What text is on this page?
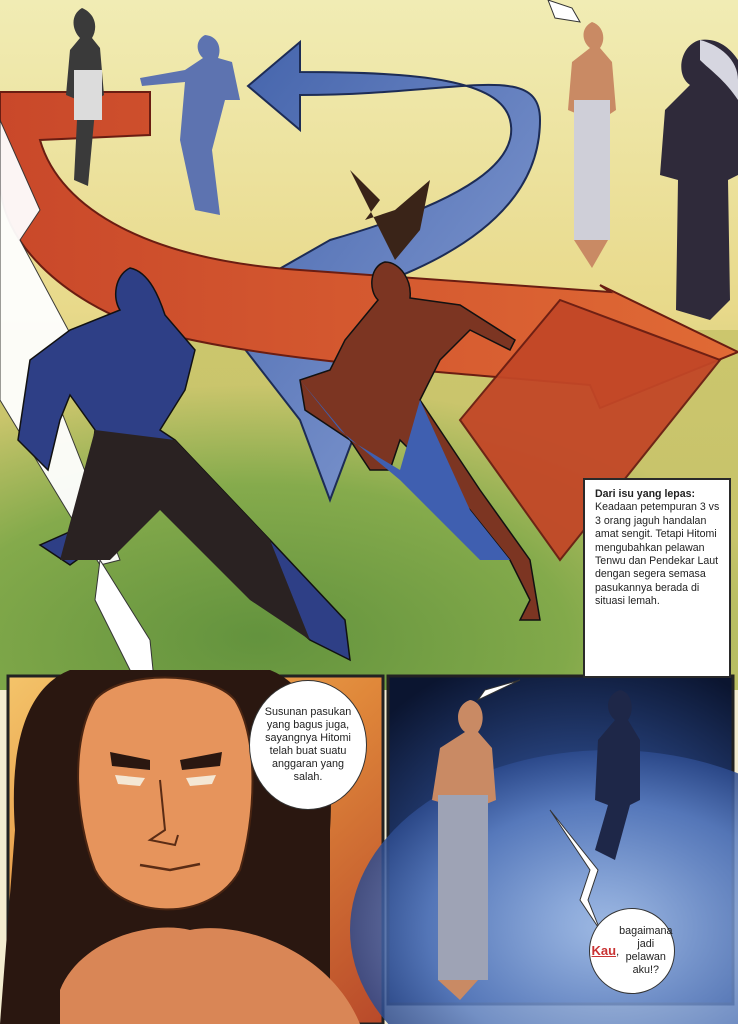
Dari isu yang lepas:
Keadaan petempuran 3 vs 3 orang jaguh handalan amat sengit. Tetapi Hitomi mengubahkan pelawan Tenwu dan Pendekar Laut dengan segera semasa pasukannya berada di situasi lemah.
Susunan pasukan yang bagus juga, sayangnya Hitomi telah buat suatu anggaran yang salah.
Kau,
bagaimana jadi pelawan aku!?
